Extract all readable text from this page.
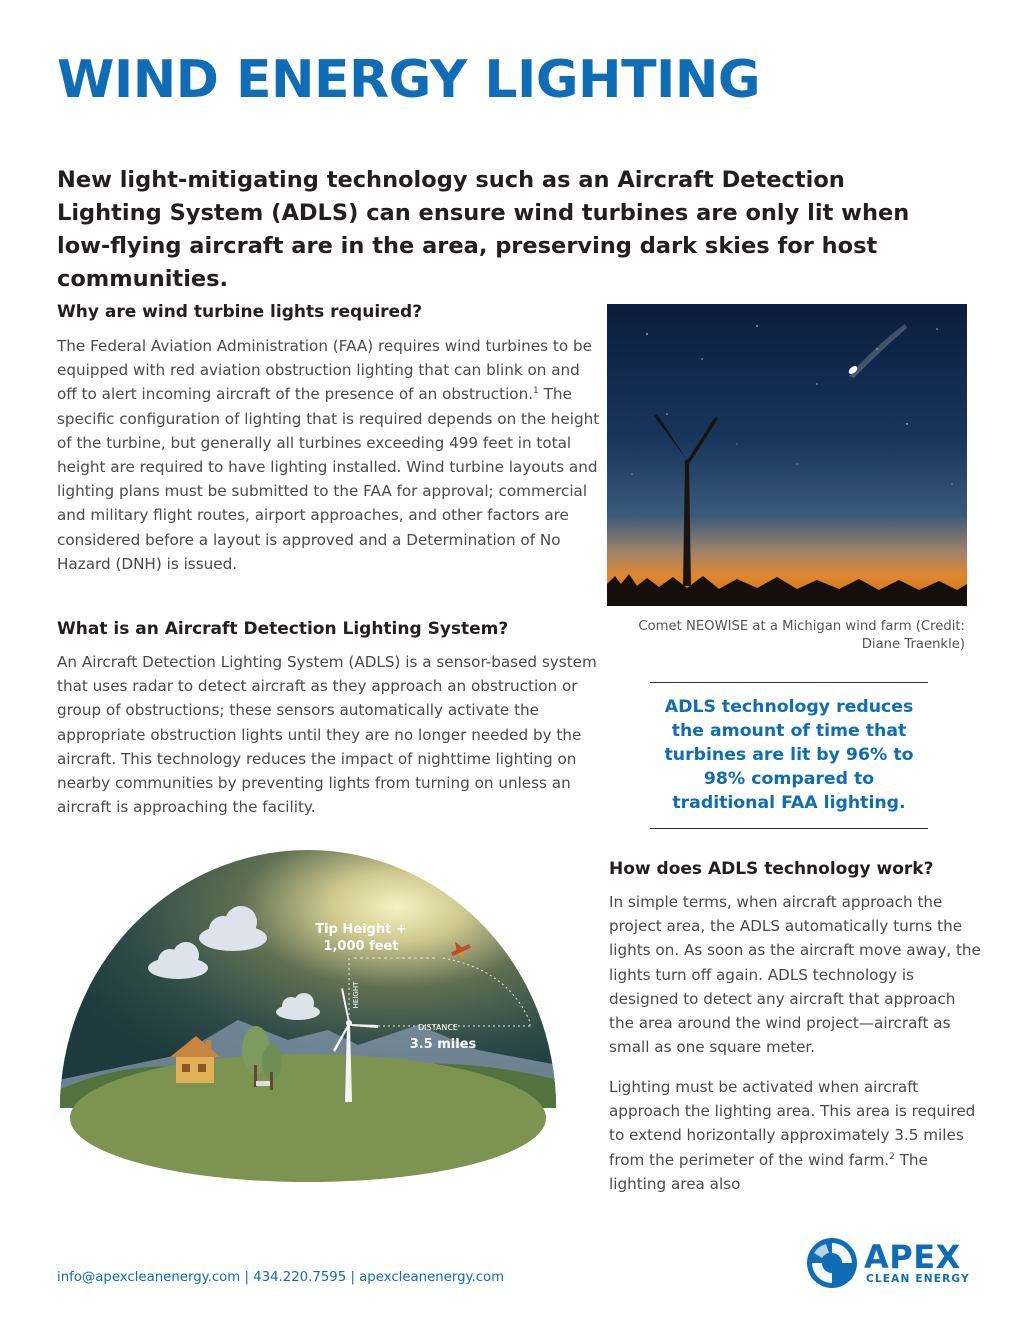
WIND ENERGY LIGHTING

New light-mitigating technology such as an Aircraft Detection Lighting System (ADLS) can ensure wind turbines are only lit when low-flying aircraft are in the area, preserving dark skies for host communities.

Why are wind turbine lights required?

The Federal Aviation Administration (FAA) requires wind turbines to be equipped with red aviation obstruction lighting that can blink on and off to alert incoming aircraft of the presence of an obstruction.$^1$ The specific configuration of lighting that is required depends on the height of the turbine, but generally all turbines exceeding 499 feet in total height are required to have lighting installed. Wind turbine layouts and lighting plans must be submitted to the FAA for approval; commercial and military flight routes, airport approaches, and other factors are considered before a layout is approved and a Determination of No Hazard (DNH) is issued.

What is an Aircraft Detection Lighting System?

An Aircraft Detection Lighting System (ADLS) is a sensor-based system that uses radar to detect aircraft as they approach an obstruction or group of obstructions; these sensors automatically activate the appropriate obstruction lights until they are no longer needed by the aircraft. This technology reduces the impact of nighttime lighting on nearby communities by preventing lights from turning on unless an aircraft is approaching the facility.

Comet NEOWISE at a Michigan wind farm (Credit: Diane Traenkle)

ADLS technology reduces the amount of time that turbines are lit by 96% to 98% compared to traditional FAA lighting.

Tip Height +
1,000 feet
HEIGHT
DISTANCE
3.5 miles
How does ADLS technology work?

In simple terms, when aircraft approach the project area, the ADLS automatically turns the lights on. As soon as the aircraft move away, the lights turn off again. ADLS technology is designed to detect any aircraft that approach the area around the wind project—aircraft as small as one square meter.

Lighting must be activated when aircraft approach the lighting area. This area is required to extend horizontally approximately 3.5 miles from the perimeter of the wind farm.$^2$ The lighting area also

info@apexcleanenergy.com | 434.220.7595 | apexcleanenergy.com

APEX

CLEAN ENERGY
